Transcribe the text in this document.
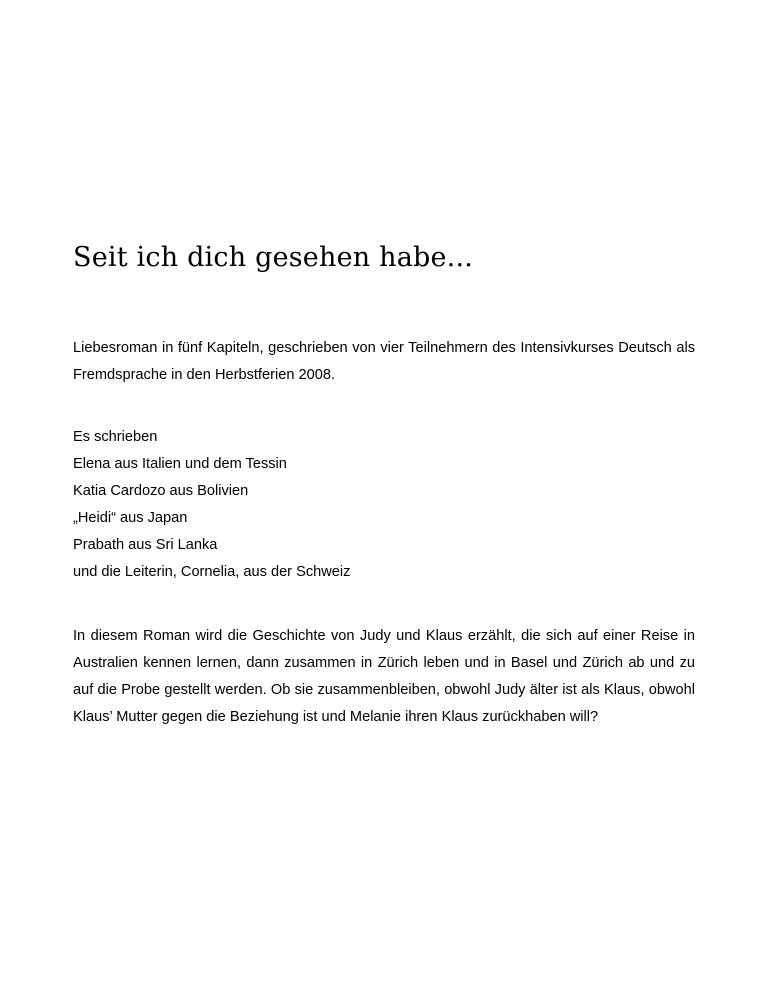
Seit ich dich gesehen habe...

Liebesroman in fünf Kapiteln, geschrieben von vier Teilnehmern des Intensivkurses Deutsch als Fremdsprache in den Herbstferien 2008.

Es schrieben
Elena aus Italien und dem Tessin
Katia Cardozo aus Bolivien
„Heidi“ aus Japan
Prabath aus Sri Lanka
und die Leiterin, Cornelia, aus der Schweiz

In diesem Roman wird die Geschichte von Judy und Klaus erzählt, die sich auf einer Reise in Australien kennen lernen, dann zusammen in Zürich leben und in Basel und Zürich ab und zu auf die Probe gestellt werden. Ob sie zusammenbleiben, obwohl Judy älter ist als Klaus, obwohl Klaus’ Mutter gegen die Beziehung ist und Melanie ihren Klaus zurückhaben will?
